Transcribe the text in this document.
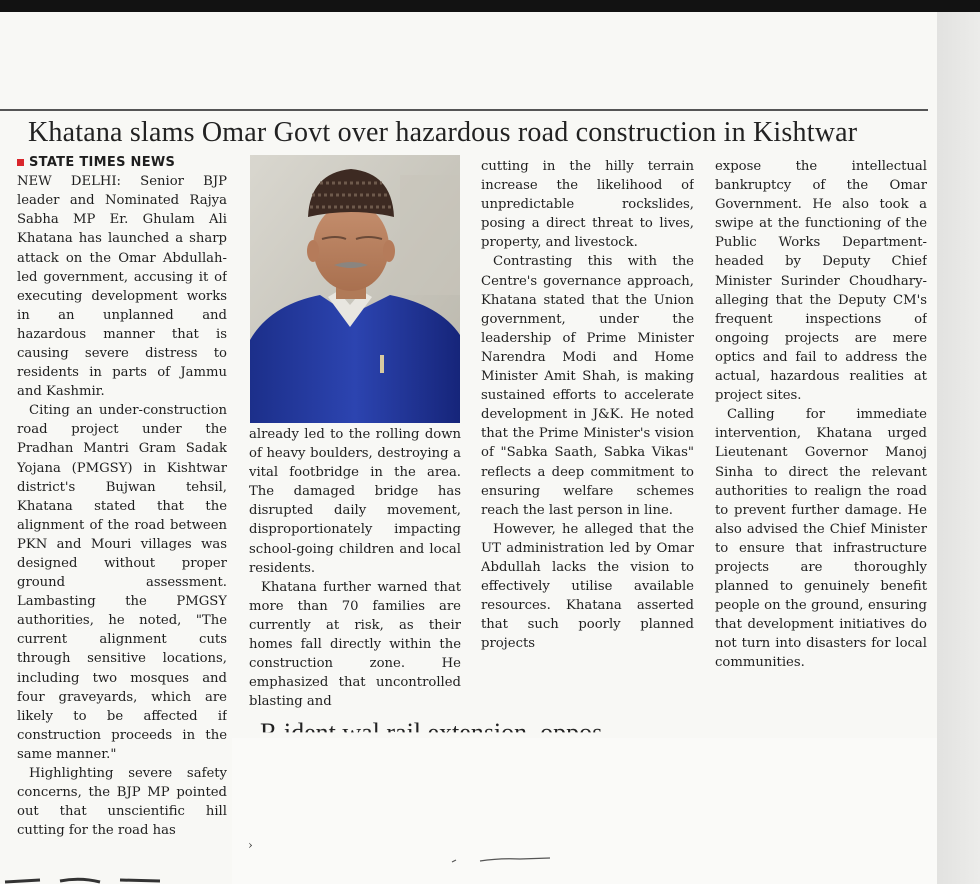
Khatana slams Omar Govt over hazardous road construction in Kishtwar
STATE TIMES NEWS

NEW DELHI: Senior BJP leader and Nominated Rajya Sabha MP Er. Ghulam Ali Khatana has launched a sharp attack on the Omar Abdullah-led government, accusing it of executing development works in an unplanned and hazardous manner that is causing severe distress to residents in parts of Jammu and Kashmir.

Citing an under-construction road project under the Pradhan Mantri Gram Sadak Yojana (PMGSY) in Kishtwar district's Bujwan tehsil, Khatana stated that the alignment of the road between PKN and Mouri villages was designed without proper ground assessment. Lambasting the PMGSY authorities, he noted, "The current alignment cuts through sensitive locations, including two mosques and four graveyards, which are likely to be affected if construction proceeds in the same manner."

Highlighting severe safety concerns, the BJP MP pointed out that unscientific hill cutting for the road has

already led to the rolling down of heavy boulders, destroying a vital footbridge in the area. The damaged bridge has disrupted daily movement, disproportionately impacting school-going children and local residents.

Khatana further warned that more than 70 families are currently at risk, as their homes fall directly within the construction zone. He emphasized that uncontrolled blasting and

cutting in the hilly terrain increase the likelihood of unpredictable rockslides, posing a direct threat to lives, property, and livestock.

Contrasting this with the Centre's governance approach, Khatana stated that the Union government, under the leadership of Prime Minister Narendra Modi and Home Minister Amit Shah, is making sustained efforts to accelerate development in J&K. He noted that the Prime Minister's vision of "Sabka Saath, Sabka Vikas" reflects a deep commitment to ensuring welfare schemes reach the last person in line.

However, he alleged that the UT administration led by Omar Abdullah lacks the vision to effectively utilise available resources. Khatana asserted that such poorly planned projects

expose the intellectual bankruptcy of the Omar Government. He also took a swipe at the functioning of the Public Works Department-headed by Deputy Chief Minister Surinder Choudhary-alleging that the Deputy CM's frequent inspections of ongoing projects are mere optics and fail to address the actual, hazardous realities at project sites.

Calling for immediate intervention, Khatana urged Lieutenant Governor Manoj Sinha to direct the relevant authorities to realign the road to prevent further damage. He also advised the Chief Minister to ensure that infrastructure projects are thoroughly planned to genuinely benefit people on the ground, ensuring that development initiatives do not turn into disasters for local communities.

›
